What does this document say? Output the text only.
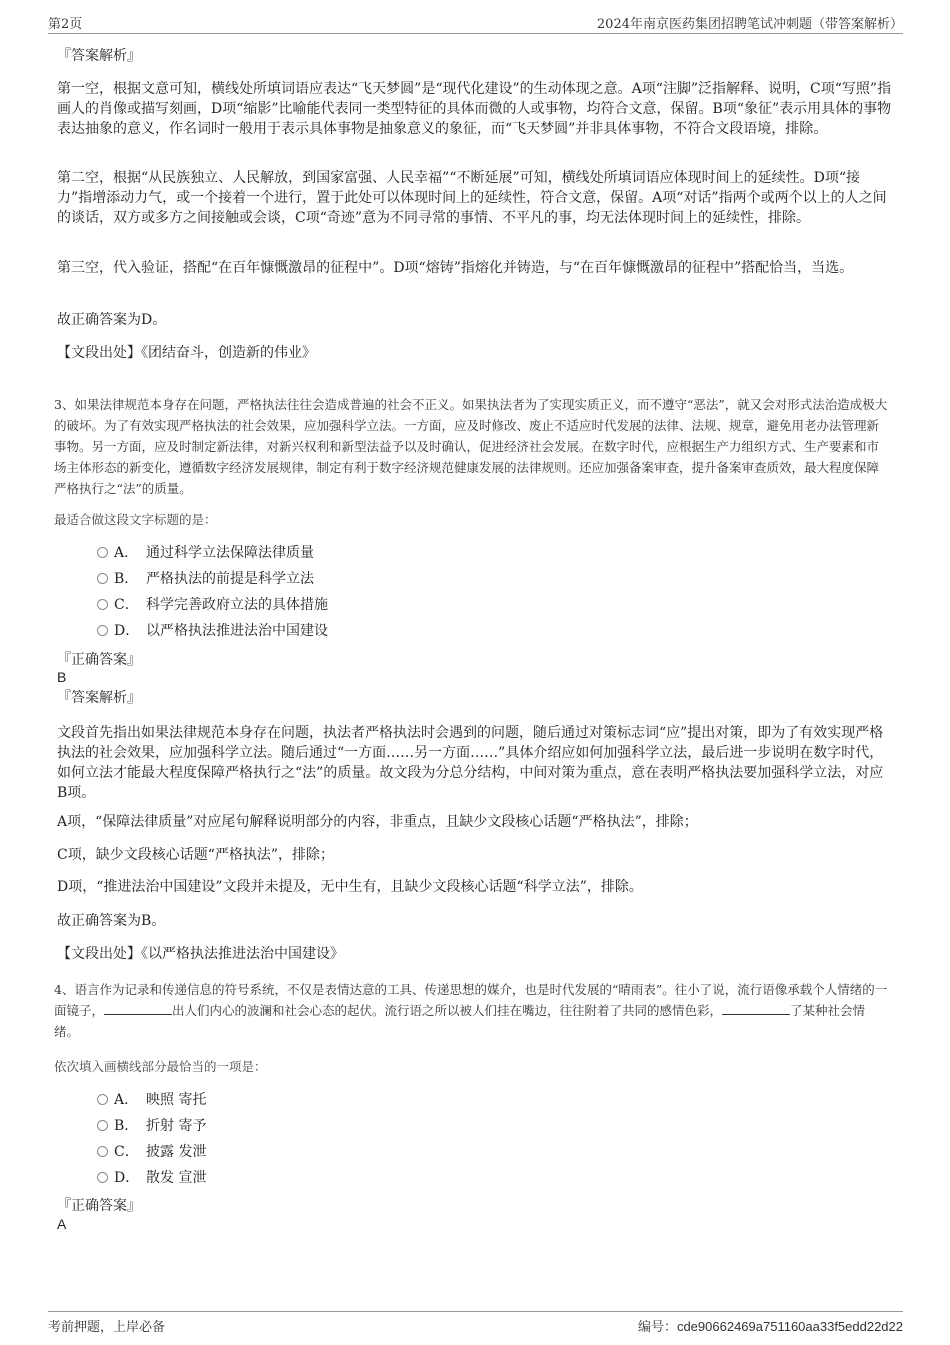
第2页	2024年南京医药集团招聘笔试冲刺题（带答案解析）
『答案解析』

第一空，根据文意可知，横线处所填词语应表达“飞天梦圆”是“现代化建设”的生动体现之意。A项“注脚”泛指解释、说明，C项“写照”指画人的肖像或描写刻画，D项“缩影”比喻能代表同一类型特征的具体而微的人或事物，均符合文意，保留。B项“象征”表示用具体的事物表达抽象的意义，作名词时一般用于表示具体事物是抽象意义的象征，而“飞天梦圆”并非具体事物，不符合文段语境，排除。

第二空，根据“从民族独立、人民解放，到国家富强、人民幸福”“不断延展”可知，横线处所填词语应体现时间上的延续性。D项“接力”指增添动力气，或一个接着一个进行，置于此处可以体现时间上的延续性，符合文意，保留。A项“对话”指两个或两个以上的人之间的谈话，双方或多方之间接触或会谈，C项“奇迹”意为不同寻常的事情、不平凡的事，均无法体现时间上的延续性，排除。

第三空，代入验证，搭配“在百年慷慨激昂的征程中”。D项“熔铸”指熔化并铸造，与“在百年慷慨激昂的征程中”搭配恰当，当选。

故正确答案为D。
【文段出处】《团结奋斗，创造新的伟业》
3、如果法律规范本身存在问题，严格执法往往会造成普遍的社会不正义。如果执法者为了实现实质正义，而不遵守“恶法”，就又会对形式法治造成极大的破坏。为了有效实现严格执法的社会效果，应加强科学立法。一方面，应及时修改、废止不适应时代发展的法律、法规、规章，避免用老办法管理新事物。另一方面，应及时制定新法律，对新兴权利和新型法益予以及时确认，促进经济社会发展。在数字时代，应根据生产力组织方式、生产要素和市场主体形态的新变化，遵循数字经济发展规律，制定有利于数字经济规范健康发展的法律规则。还应加强备案审查，提升备案审查质效，最大程度保障严格执行之“法”的质量。
最适合做这段文字标题的是：
A． 通过科学立法保障法律质量
B． 严格执法的前提是科学立法
C． 科学完善政府立法的具体措施
D． 以严格执法推进法治中国建设
『正确答案』
B
『答案解析』

文段首先指出如果法律规范本身存在问题，执法者严格执法时会遇到的问题，随后通过对策标志词“应”提出对策，即为了有效实现严格执法的社会效果，应加强科学立法。随后通过“一方面……另一方面……”具体介绍应如何加强科学立法，最后进一步说明在数字时代，如何立法才能最大程度保障严格执行之“法”的质量。故文段为分总分结构，中间对策为重点，意在表明严格执法要加强科学立法，对应B项。

A项，“保障法律质量”对应尾句解释说明部分的内容，非重点，且缺少文段核心话题“严格执法”，排除；
C项，缺少文段核心话题“严格执法”，排除；
D项，“推进法治中国建设”文段并未提及，无中生有，且缺少文段核心话题“科学立法”，排除。
故正确答案为B。
【文段出处】《以严格执法推进法治中国建设》
4、语言作为记录和传递信息的符号系统，不仅是表情达意的工具、传递思想的媒介，也是时代发展的“晴雨表”。往小了说，流行语像承载个人情绪的一面镜子，	出人们内心的波澜和社会心态的起伏。流行语之所以被人们挂在嘴边，往往附着了共同的感情色彩，	了某种社会情绪。
依次填入画横线部分最恰当的一项是：
A． 映照 寄托
B． 折射 寄予
C． 披露 发泄
D． 散发 宣泄
『正确答案』
A
考前押题，上岸必备	编号：cde90662469a751160aa33f5edd22d22
